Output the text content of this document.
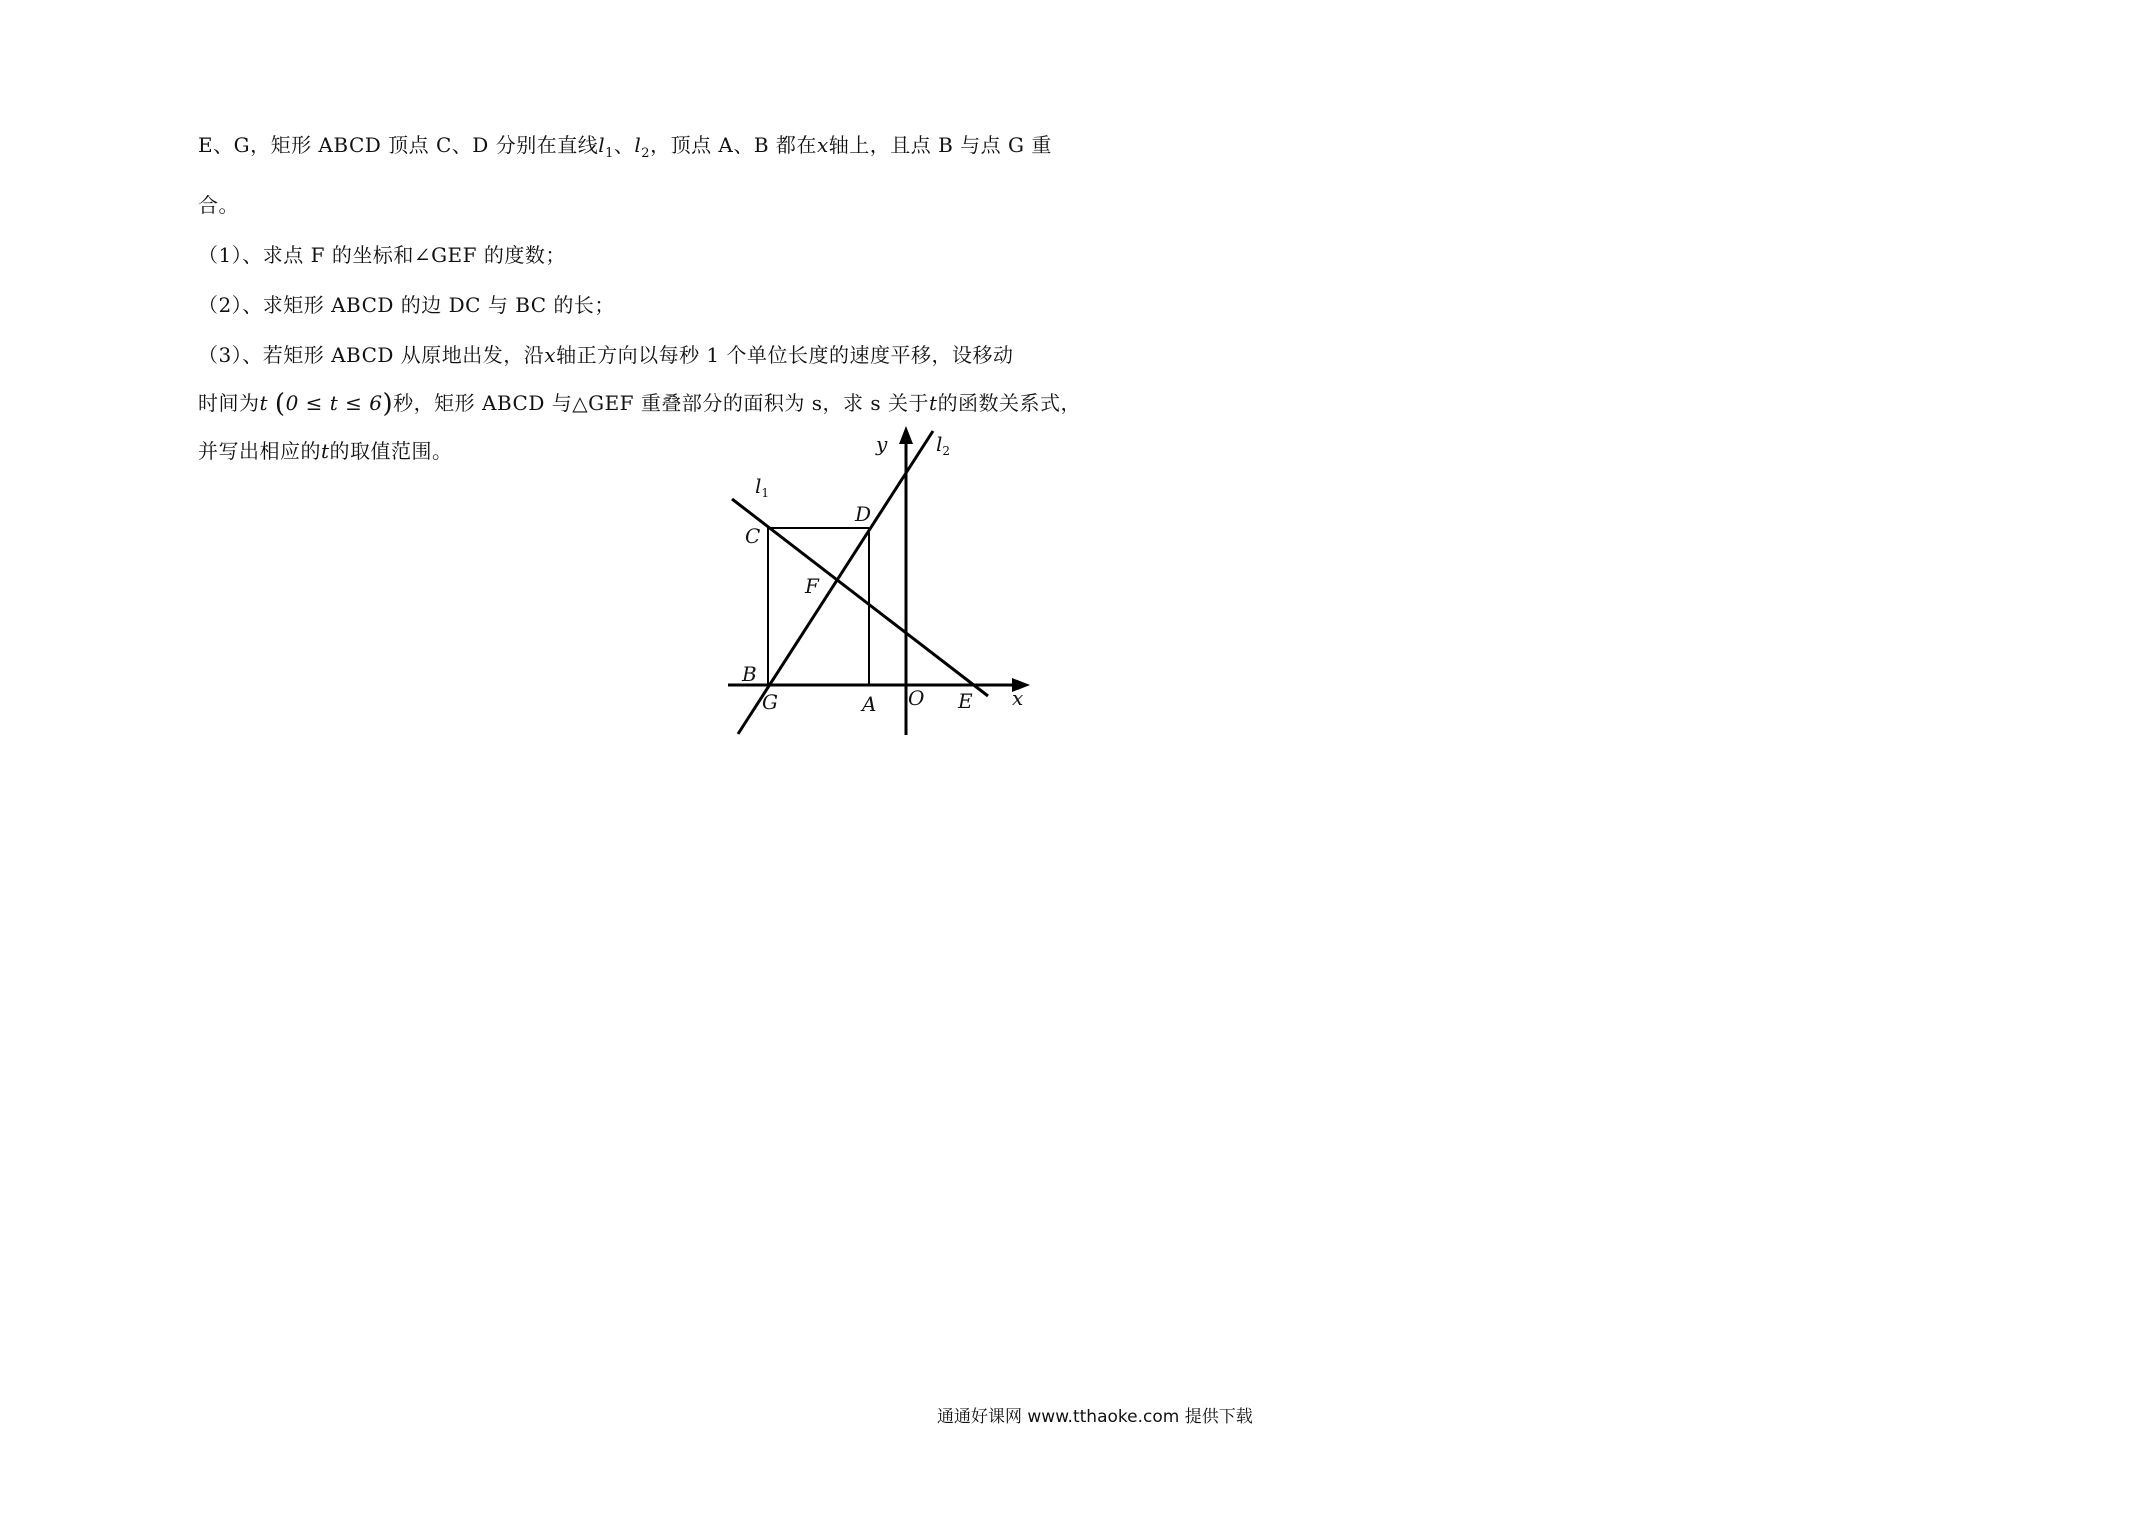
E、G，矩形 ABCD 顶点 C、D 分别在直线$l_1$、$l_2$，顶点 A、B 都在x轴上，且点 B 与点 G 重
合。
（1）、求点 F 的坐标和∠GEF 的度数；
（2）、求矩形 ABCD 的边 DC 与 BC 的长；
（3）、若矩形 ABCD 从原地出发，沿x轴正方向以每秒 1 个单位长度的速度平移，设移动
时间为t (0 ≤ t ≤ 6)秒，矩形 ABCD 与△GEF 重叠部分的面积为 s，求 s 关于t的函数关系式，
并写出相应的t的取值范围。	y $l_2$
$l_1$
D
C
F
B
G	A O E x
通通好课网 www.tthaoke.com 提供下载
